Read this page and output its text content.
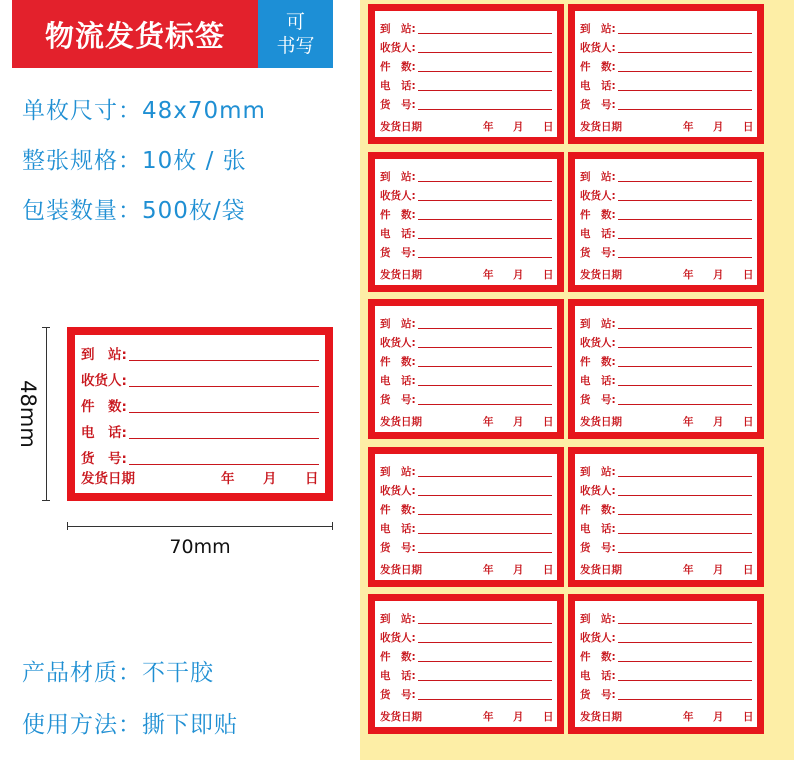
物流发货标签	可
书写
单枚尺寸：48x70mm
整张规格：10枚 / 张
包装数量：500枚/袋
48mm
70mm
到　站:
收货人:
件　数:
电　话:
货　号:
发货日期	年 月 日
产品材质：不干胶
使用方法：撕下即贴
到　站:
收货人:
件　数:
电　话:
货　号:
发货日期	年 月 日
到　站:
收货人:
件　数:
电　话:
货　号:
发货日期	年 月 日
到　站:
收货人:
件　数:
电　话:
货　号:
发货日期	年 月 日
到　站:
收货人:
件　数:
电　话:
货　号:
发货日期	年 月 日
到　站:
收货人:
件　数:
电　话:
货　号:
发货日期	年 月 日
到　站:
收货人:
件　数:
电　话:
货　号:
发货日期	年 月 日
到　站:
收货人:
件　数:
电　话:
货　号:
发货日期	年 月 日
到　站:
收货人:
件　数:
电　话:
货　号:
发货日期	年 月 日
到　站:
收货人:
件　数:
电　话:
货　号:
发货日期	年 月 日
到　站:
收货人:
件　数:
电　话:
货　号:
发货日期	年 月 日
